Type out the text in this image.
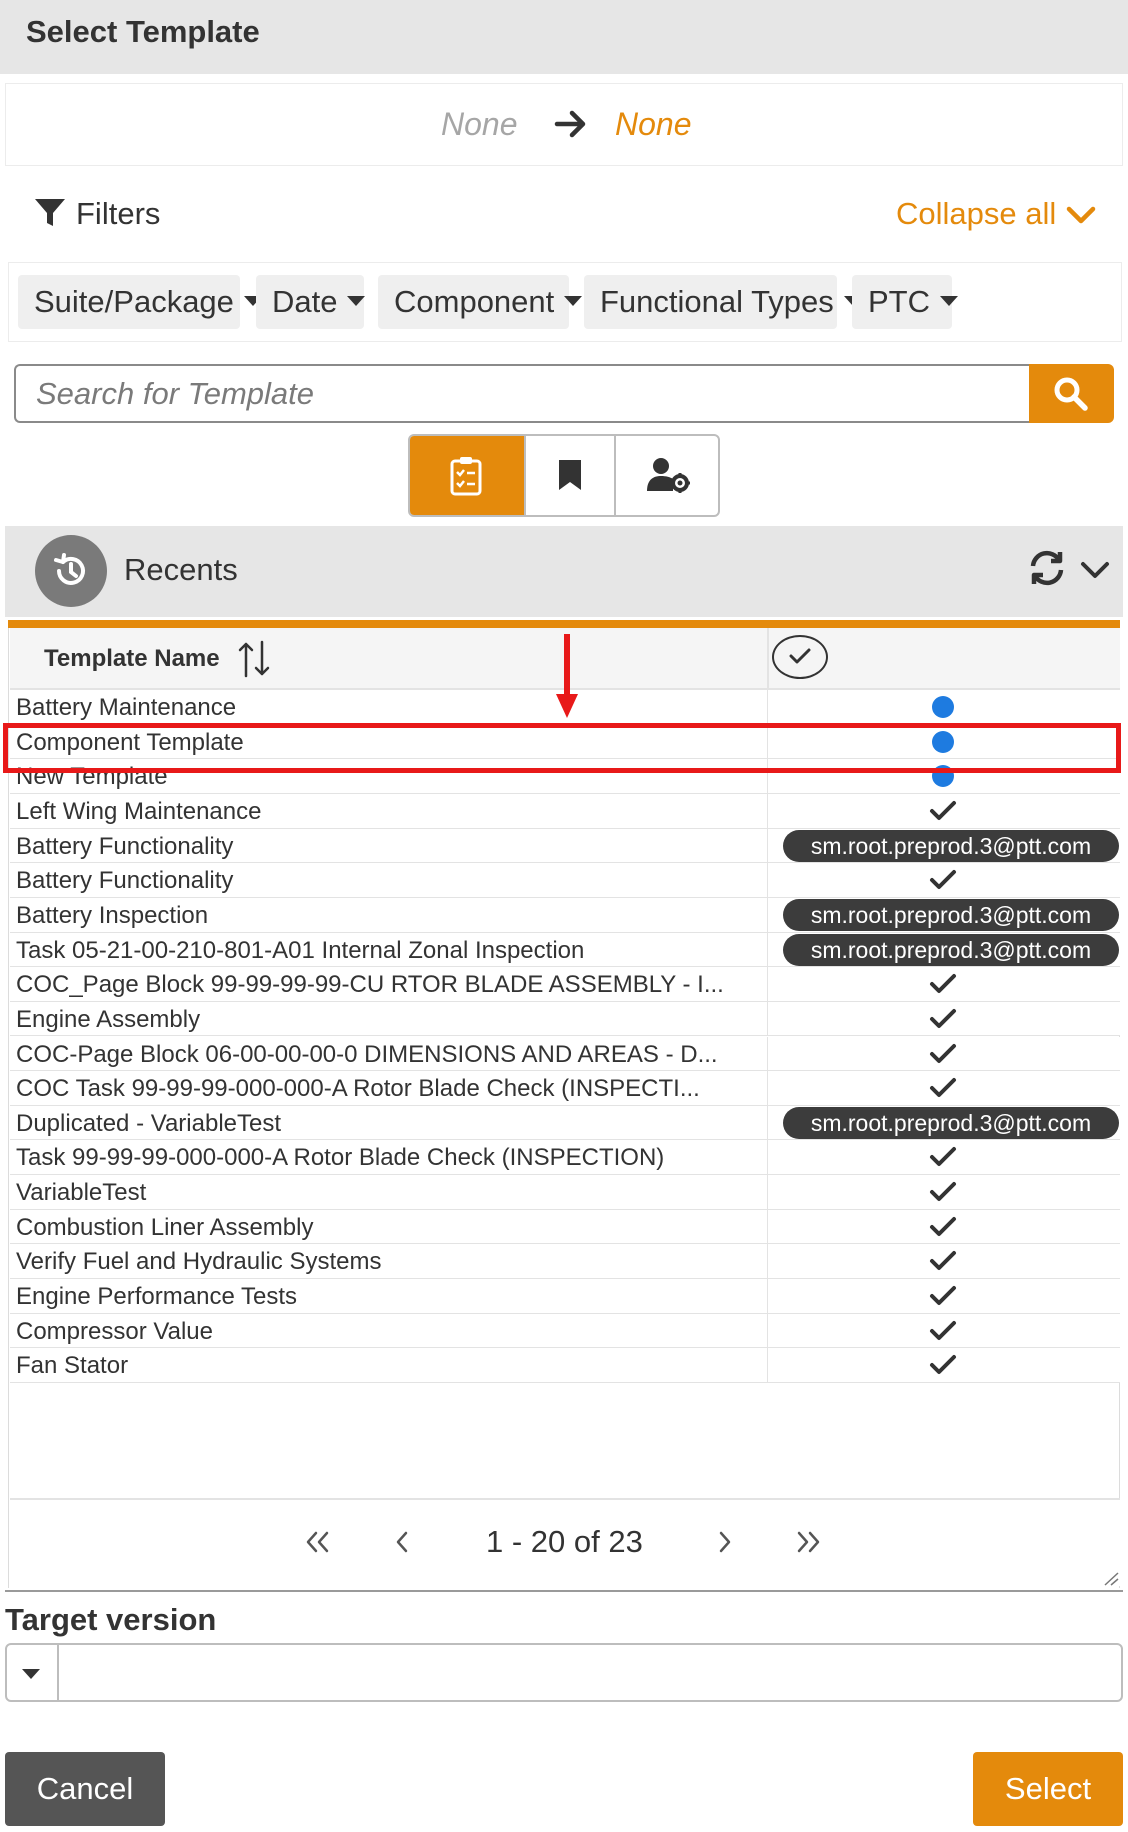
Select Template
None	None
Filters	Collapse all
Suite/Package	Date	Component	Functional Types	PTC
Search for Template
Recents
Template Name
Battery Maintenance
Component Template
New Template
Left Wing Maintenance
Battery Functionality	sm.root.preprod.3@ptt.com
Battery Functionality
Battery Inspection	sm.root.preprod.3@ptt.com
Task 05-21-00-210-801-A01 Internal Zonal Inspection	sm.root.preprod.3@ptt.com
COC_Page Block 99-99-99-99-CU RTOR BLADE ASSEMBLY - I...
Engine Assembly
COC-Page Block 06-00-00-00-0 DIMENSIONS AND AREAS - D...
COC Task 99-99-99-000-000-A Rotor Blade Check (INSPECTI...
Duplicated - VariableTest	sm.root.preprod.3@ptt.com
Task 99-99-99-000-000-A Rotor Blade Check (INSPECTION)
VariableTest
Combustion Liner Assembly
Verify Fuel and Hydraulic Systems
Engine Performance Tests
Compressor Value
Fan Stator
1 - 20 of 23
Target version
Cancel	Select
